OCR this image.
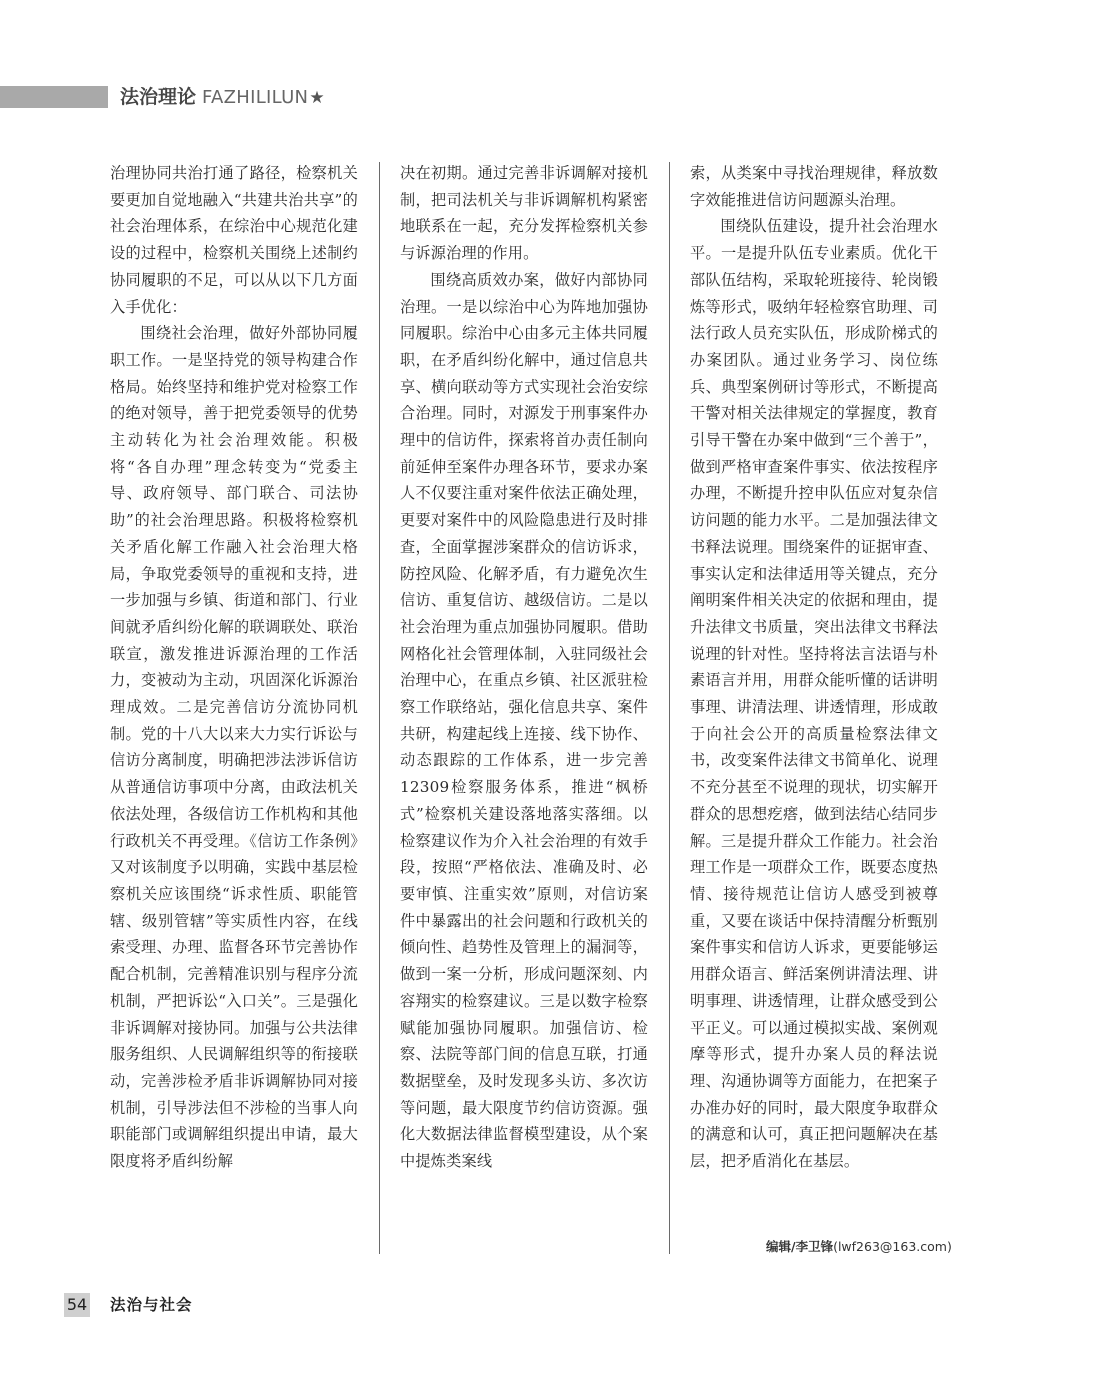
法治理论 FAZHILILUN★

治理协同共治打通了路径，检察机关要更加自觉地融入“共建共治共享”的社会治理体系，在综治中心规范化建设的过程中，检察机关围绕上述制约协同履职的不足，可以从以下几方面入手优化：

围绕社会治理，做好外部协同履职工作。一是坚持党的领导构建合作格局。始终坚持和维护党对检察工作的绝对领导，善于把党委领导的优势主动转化为社会治理效能。积极将“各自办理”理念转变为“党委主导、政府领导、部门联合、司法协助”的社会治理思路。积极将检察机关矛盾化解工作融入社会治理大格局，争取党委领导的重视和支持，进一步加强与乡镇、街道和部门、行业间就矛盾纠纷化解的联调联处、联治联宣，激发推进诉源治理的工作活力，变被动为主动，巩固深化诉源治理成效。二是完善信访分流协同机制。党的十八大以来大力实行诉讼与信访分离制度，明确把涉法涉诉信访从普通信访事项中分离，由政法机关依法处理，各级信访工作机构和其他行政机关不再受理。《信访工作条例》又对该制度予以明确，实践中基层检察机关应该围绕“诉求性质、职能管辖、级别管辖”等实质性内容，在线索受理、办理、监督各环节完善协作配合机制，完善精准识别与程序分流机制，严把诉讼“入口关”。三是强化非诉调解对接协同。加强与公共法律服务组织、人民调解组织等的衔接联动，完善涉检矛盾非诉调解协同对接机制，引导涉法但不涉检的当事人向职能部门或调解组织提出申请，最大限度将矛盾纠纷解

决在初期。通过完善非诉调解对接机制，把司法机关与非诉调解机构紧密地联系在一起，充分发挥检察机关参与诉源治理的作用。

围绕高质效办案，做好内部协同治理。一是以综治中心为阵地加强协同履职。综治中心由多元主体共同履职，在矛盾纠纷化解中，通过信息共享、横向联动等方式实现社会治安综合治理。同时，对源发于刑事案件办理中的信访件，探索将首办责任制向前延伸至案件办理各环节，要求办案人不仅要注重对案件依法正确处理，更要对案件中的风险隐患进行及时排查，全面掌握涉案群众的信访诉求，防控风险、化解矛盾，有力避免次生信访、重复信访、越级信访。二是以社会治理为重点加强协同履职。借助网格化社会管理体制，入驻同级社会治理中心，在重点乡镇、社区派驻检察工作联络站，强化信息共享、案件共研，构建起线上连接、线下协作、动态跟踪的工作体系，进一步完善12309检察服务体系，推进“枫桥式”检察机关建设落地落实落细。以检察建议作为介入社会治理的有效手段，按照“严格依法、准确及时、必要审慎、注重实效”原则，对信访案件中暴露出的社会问题和行政机关的倾向性、趋势性及管理上的漏洞等，做到一案一分析，形成问题深刻、内容翔实的检察建议。三是以数字检察赋能加强协同履职。加强信访、检察、法院等部门间的信息互联，打通数据壁垒，及时发现多头访、多次访等问题，最大限度节约信访资源。强化大数据法律监督模型建设，从个案中提炼类案线

索，从类案中寻找治理规律，释放数字效能推进信访问题源头治理。

围绕队伍建设，提升社会治理水平。一是提升队伍专业素质。优化干部队伍结构，采取轮班接待、轮岗锻炼等形式，吸纳年轻检察官助理、司法行政人员充实队伍，形成阶梯式的办案团队。通过业务学习、岗位练兵、典型案例研讨等形式，不断提高干警对相关法律规定的掌握度，教育引导干警在办案中做到“三个善于”，做到严格审查案件事实、依法按程序办理，不断提升控申队伍应对复杂信访问题的能力水平。二是加强法律文书释法说理。围绕案件的证据审查、事实认定和法律适用等关键点，充分阐明案件相关决定的依据和理由，提升法律文书质量，突出法律文书释法说理的针对性。坚持将法言法语与朴素语言并用，用群众能听懂的话讲明事理、讲清法理、讲透情理，形成敢于向社会公开的高质量检察法律文书，改变案件法律文书简单化、说理不充分甚至不说理的现状，切实解开群众的思想疙瘩，做到法结心结同步解。三是提升群众工作能力。社会治理工作是一项群众工作，既要态度热情、接待规范让信访人感受到被尊重，又要在谈话中保持清醒分析甄别案件事实和信访人诉求，更要能够运用群众语言、鲜活案例讲清法理、讲明事理、讲透情理，让群众感受到公平正义。可以通过模拟实战、案例观摩等形式，提升办案人员的释法说理、沟通协调等方面能力，在把案子办准办好的同时，最大限度争取群众的满意和认可，真正把问题解决在基层，把矛盾消化在基层。

编辑/李卫锋(lwf263@163.com)
54 法治与社会
